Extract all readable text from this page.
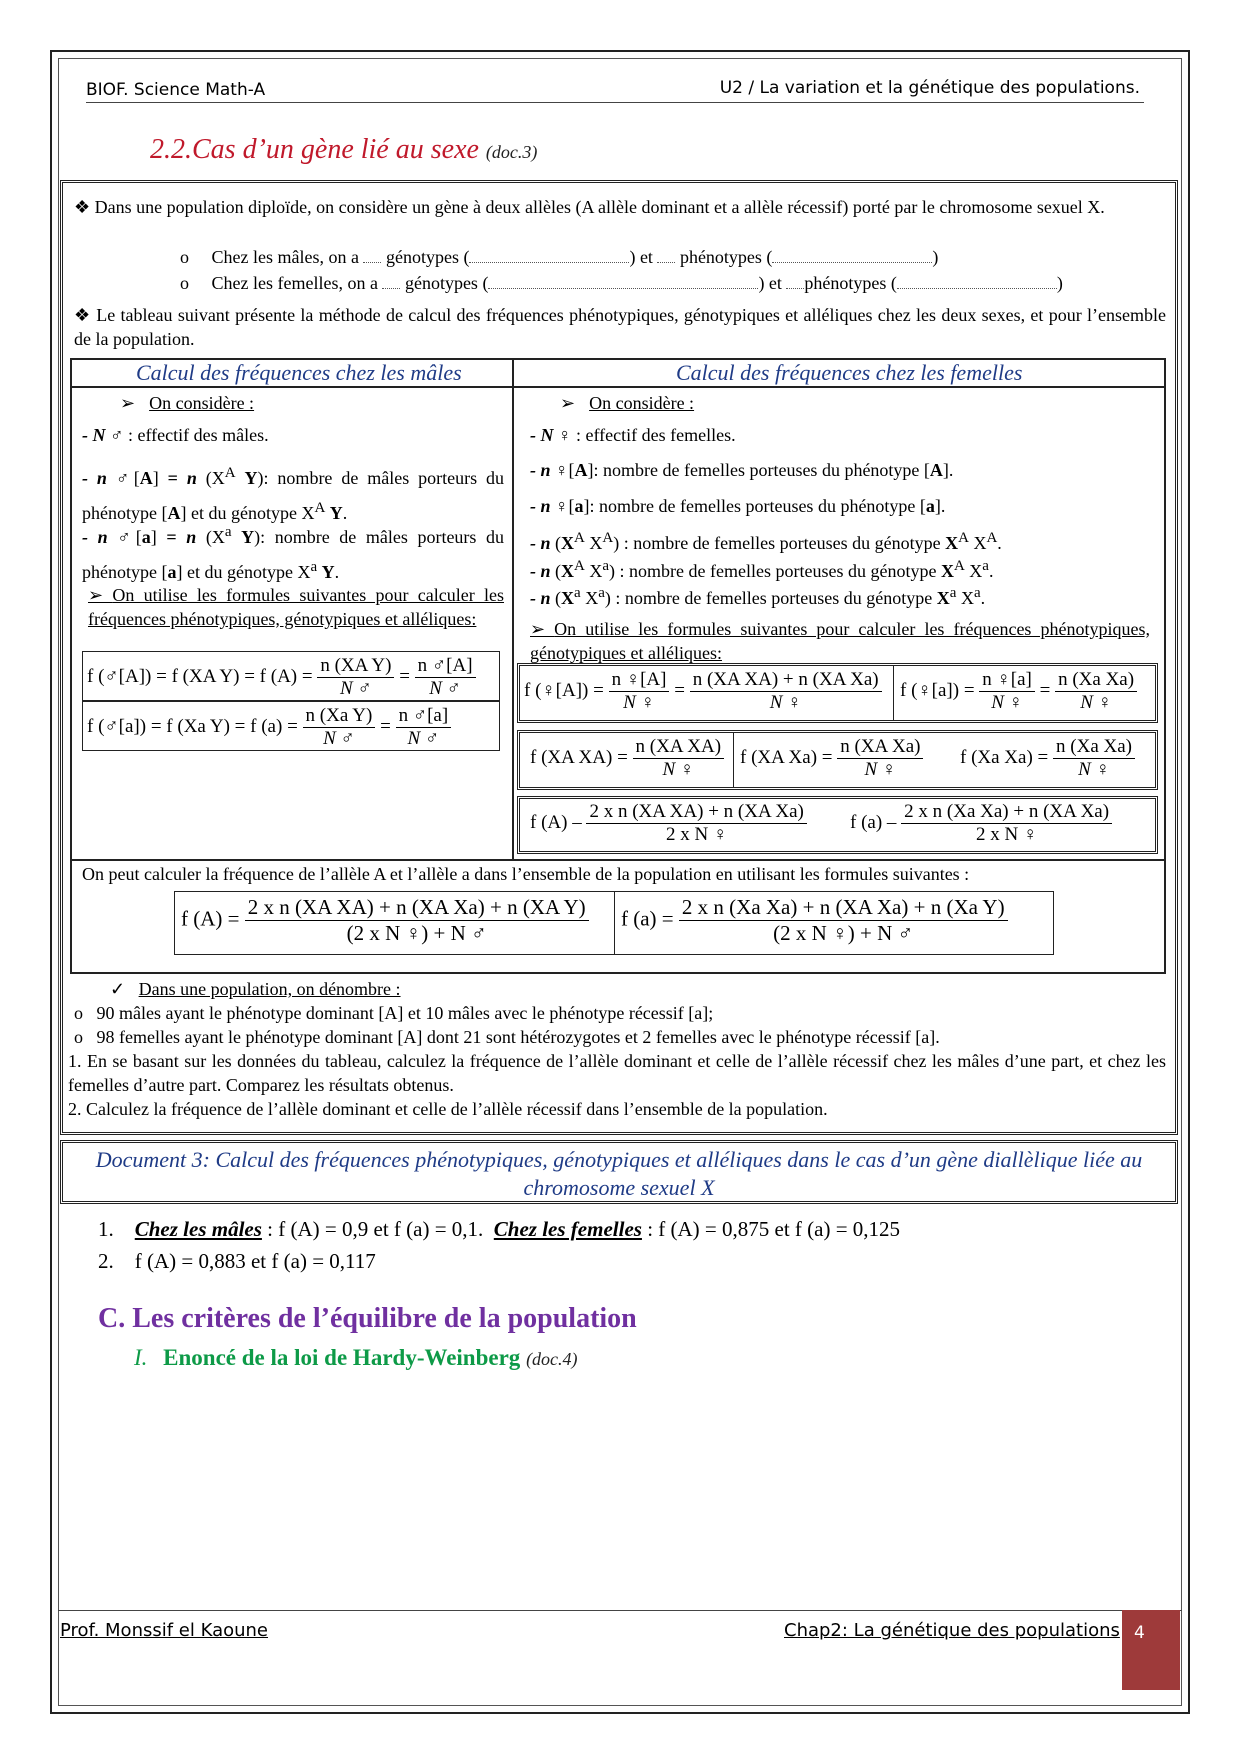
BIOF. Science Math-A	U2 / La variation et la génétique des populations.
2.2.Cas d’un gène lié au sexe (doc.3)
❖ Dans une population diploïde, on considère un gène à deux allèles (A allèle dominant et a allèle récessif) porté par le chromosome sexuel X.
o     Chez les mâles, on a génotypes (	) et phénotypes (	)
o     Chez les femelles, on a génotypes (	) et phénotypes (	)
❖ Le tableau suivant présente la méthode de calcul des fréquences phénotypiques, génotypiques et alléliques chez les deux sexes, et pour l’ensemble de la population.
Calcul des fréquences chez les mâles	Calcul des fréquences chez les femelles
➢ On considère :
- N ♂ : effectif des mâles.
- n ♂[A] = n ($X^A$ Y): nombre de mâles porteurs du phénotype [A] et du génotype $X^A$ Y.
- n ♂[a] = n ($X^a$ Y): nombre de mâles porteurs du phénotype [a] et du génotype $X^a$ Y.
➢ On utilise les formules suivantes pour calculer les fréquences phénotypiques, génotypiques et alléliques:
f (♂[A]) = f (XA Y) = f $(A) = \frac{\text{n (XA Y)}}{N ♂} = \frac{n ♂[A]}{N ♂}$
f (♂[a]) = f (Xa Y) = f $(a) = \frac{\text{n (Xa Y)}}{N ♂} = \frac{n ♂[a]}{N ♂}$
➢ On considère :
- N ♀ : effectif des femelles.
- n ♀[A]: nombre de femelles porteuses du phénotype [A].
- n ♀[a]: nombre de femelles porteuses du phénotype [a].
- n ($X^A$ $X^A$) : nombre de femelles porteuses du génotype $X^A$ $X^A$.
- n ($X^A$ $X^a$) : nombre de femelles porteuses du génotype $X^A$ $X^a$.
- n ($X^a$ $X^a$) : nombre de femelles porteuses du génotype $X^a$ $X^a$.
➢ On utilise les formules suivantes pour calculer les fréquences phénotypiques, génotypiques et alléliques:
f (♀[A]) = $\frac{n ♀[A]}{N ♀} = \frac{\text{n (XA XA) + n (XA Xa)}}{N ♀}$ f (♀[a]) = $\frac{n ♀[a]}{N ♀} = \frac{\text{n (Xa Xa)}}{N ♀}$
f (XA $XA) = \frac{\text{n (XA XA)}}{N ♀}$ f (XA $Xa) = \frac{\text{n (XA Xa)}}{N ♀}$ f (Xa $Xa) = \frac{\text{n (Xa Xa)}}{N ♀}$
f $(A) - \frac{\text{2 x n (XA XA) + n (XA Xa)}}{\text{2 x N ♀}}$ f $(a) - \frac{\text{2 x n (Xa Xa) + n (XA Xa)}}{\text{2 x N ♀}}$
On peut calculer la fréquence de l’allèle A et l’allèle a dans l’ensemble de la population en utilisant les formules suivantes :
f $(A) = \frac{\text{2 x n (XA XA) + n (XA Xa) + n (XA Y)}}{\text{(2 x N ♀) + N ♂}}$ f $(a) = \frac{\text{2 x n (Xa Xa) + n (XA Xa) + n (Xa Y)}}{\text{(2 x N ♀) + N ♂}}$
✓   Dans une population, on dénombre :
o   90 mâles ayant le phénotype dominant [A] et 10 mâles avec le phénotype récessif [a];
o   98 femelles ayant le phénotype dominant [A] dont 21 sont hétérozygotes et 2 femelles avec le phénotype récessif [a].
1. En se basant sur les données du tableau, calculez la fréquence de l’allèle dominant et celle de l’allèle récessif chez les mâles d’une part, et chez les femelles d’autre part. Comparez les résultats obtenus.
2. Calculez la fréquence de l’allèle dominant et celle de l’allèle récessif dans l’ensemble de la population.
Document 3: Calcul des fréquences phénotypiques, génotypiques et alléliques dans le cas d’un gène diallèlique liée au chromosome sexuel X
1. Chez les mâles : f (A) = 0,9 et f (a) = 0,1. Chez les femelles : f (A) = 0,875 et f (a) = 0,125
2. f (A) = 0,883 et f (a) = 0,117
C. Les critères de l’équilibre de la population
I. Enoncé de la loi de Hardy-Weinberg (doc.4)
Prof. Monssif el Kaoune	Chap2: La génétique des populations 4
